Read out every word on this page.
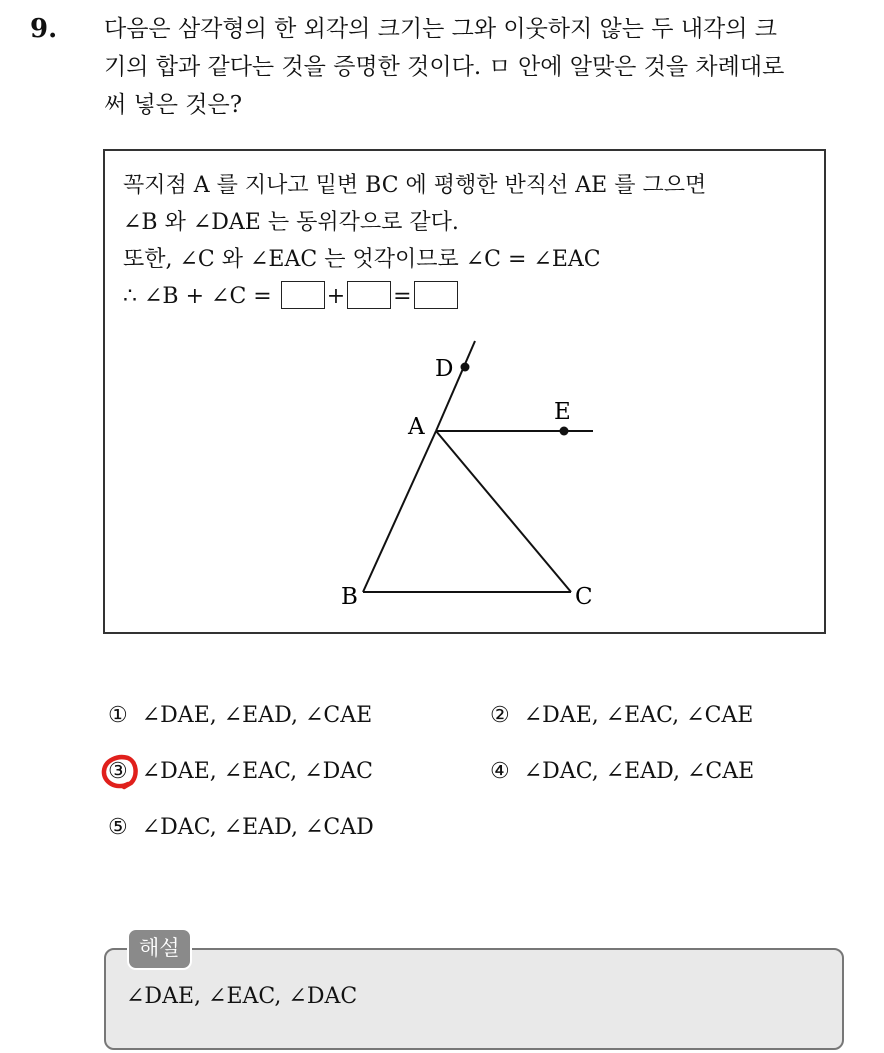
9. 다음은 삼각형의 한 외각의 크기는 그와 이웃하지 않는 두 내각의 크
기의 합과 같다는 것을 증명한 것이다. ㅁ 안에 알맞은 것을 차례대로
써 넣은 것은?
꼭지점 A 를 지나고 밑변 BC 에 평행한 반직선 AE 를 그으면
∠B 와 ∠DAE 는 동위각으로 같다.
또한, ∠C 와 ∠EAC 는 엇각이므로 ∠C = ∠EAC
∴ ∠B + ∠C =	+ =
D
A
E
B	C
① ∠DAE, ∠EAD, ∠CAE	② ∠DAE, ∠EAC, ∠CAE
③ ∠DAE, ∠EAC, ∠DAC	④ ∠DAC, ∠EAD, ∠CAE
⑤ ∠DAC, ∠EAD, ∠CAD
해설
∠DAE, ∠EAC, ∠DAC
